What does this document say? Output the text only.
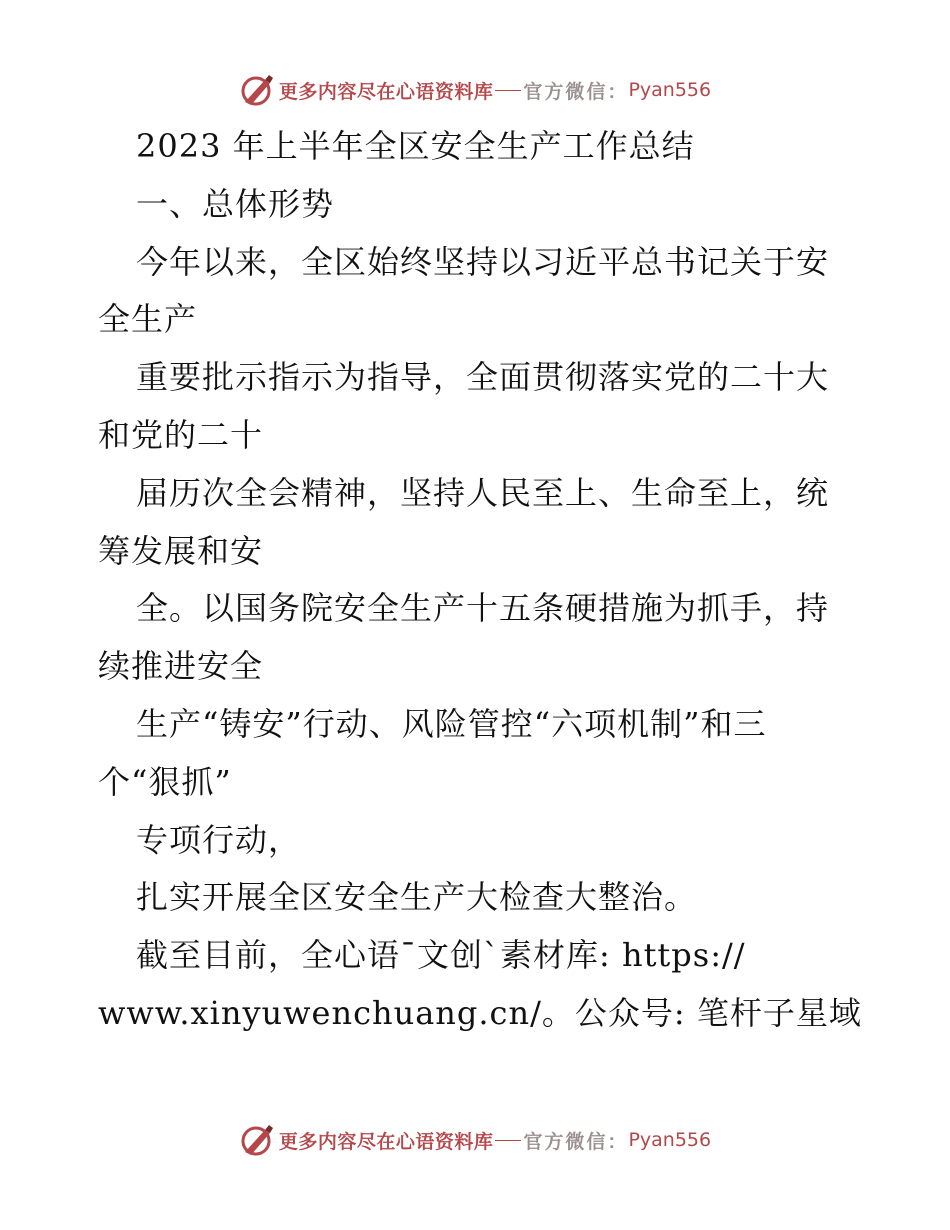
更多内容尽在心语资料库 官方微信： Pyan556
2023 年上半年全区安全生产工作总结
一、总体形势
今年以来，全区始终坚持以习近平总书记关于安
全生产
重要批示指示为指导，全面贯彻落实党的二十大
和党的二十
届历次全会精神，坚持人民至上、生命至上，统
筹发展和安
全。以国务院安全生产十五条硬措施为抓手，持
续推进安全
生产“铸安”行动、风险管控“六项机制”和三
个“狠抓”
专项行动，
扎实开展全区安全生产大检查大整治。
截至目前，全心语¯文创`素材库: https://
www.xinyuwenchuang.cn/。公众号: 笔杆子星域
更多内容尽在心语资料库 官方微信： Pyan556
